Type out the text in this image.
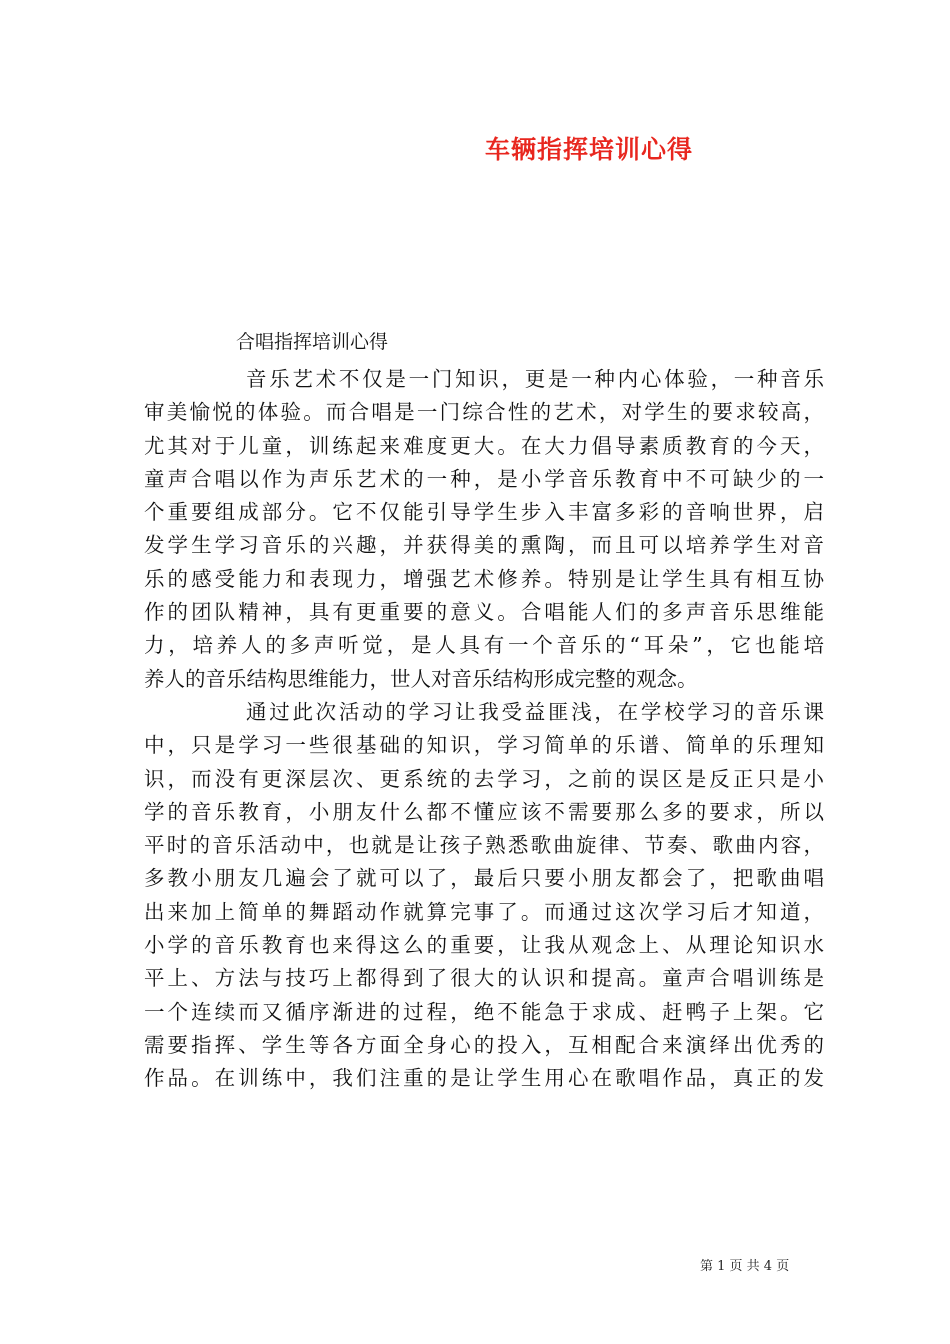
车辆指挥培训心得
合唱指挥培训心得
音乐艺术不仅是一门知识，更是一种内心体验，一种音乐
审美愉悦的体验。而合唱是一门综合性的艺术，对学生的要求较高，
尤其对于儿童，训练起来难度更大。在大力倡导素质教育的今天，
童声合唱以作为声乐艺术的一种，是小学音乐教育中不可缺少的一
个重要组成部分。它不仅能引导学生步入丰富多彩的音响世界，启
发学生学习音乐的兴趣，并获得美的熏陶，而且可以培养学生对音
乐的感受能力和表现力，增强艺术修养。特别是让学生具有相互协
作的团队精神，具有更重要的意义。合唱能人们的多声音乐思维能
力，培养人的多声听觉，是人具有一个音乐的“耳朵”，它也能培
养人的音乐结构思维能力，世人对音乐结构形成完整的观念。
通过此次活动的学习让我受益匪浅，在学校学习的音乐课
中，只是学习一些很基础的知识，学习简单的乐谱、简单的乐理知
识，而没有更深层次、更系统的去学习，之前的误区是反正只是小
学的音乐教育，小朋友什么都不懂应该不需要那么多的要求，所以
平时的音乐活动中，也就是让孩子熟悉歌曲旋律、节奏、歌曲内容，
多教小朋友几遍会了就可以了，最后只要小朋友都会了，把歌曲唱
出来加上简单的舞蹈动作就算完事了。而通过这次学习后才知道，
小学的音乐教育也来得这么的重要，让我从观念上、从理论知识水
平上、方法与技巧上都得到了很大的认识和提高。童声合唱训练是
一个连续而又循序渐进的过程，绝不能急于求成、赶鸭子上架。它
需要指挥、学生等各方面全身心的投入，互相配合来演绎出优秀的
作品。在训练中，我们注重的是让学生用心在歌唱作品，真正的发
第 1 页 共 4 页
